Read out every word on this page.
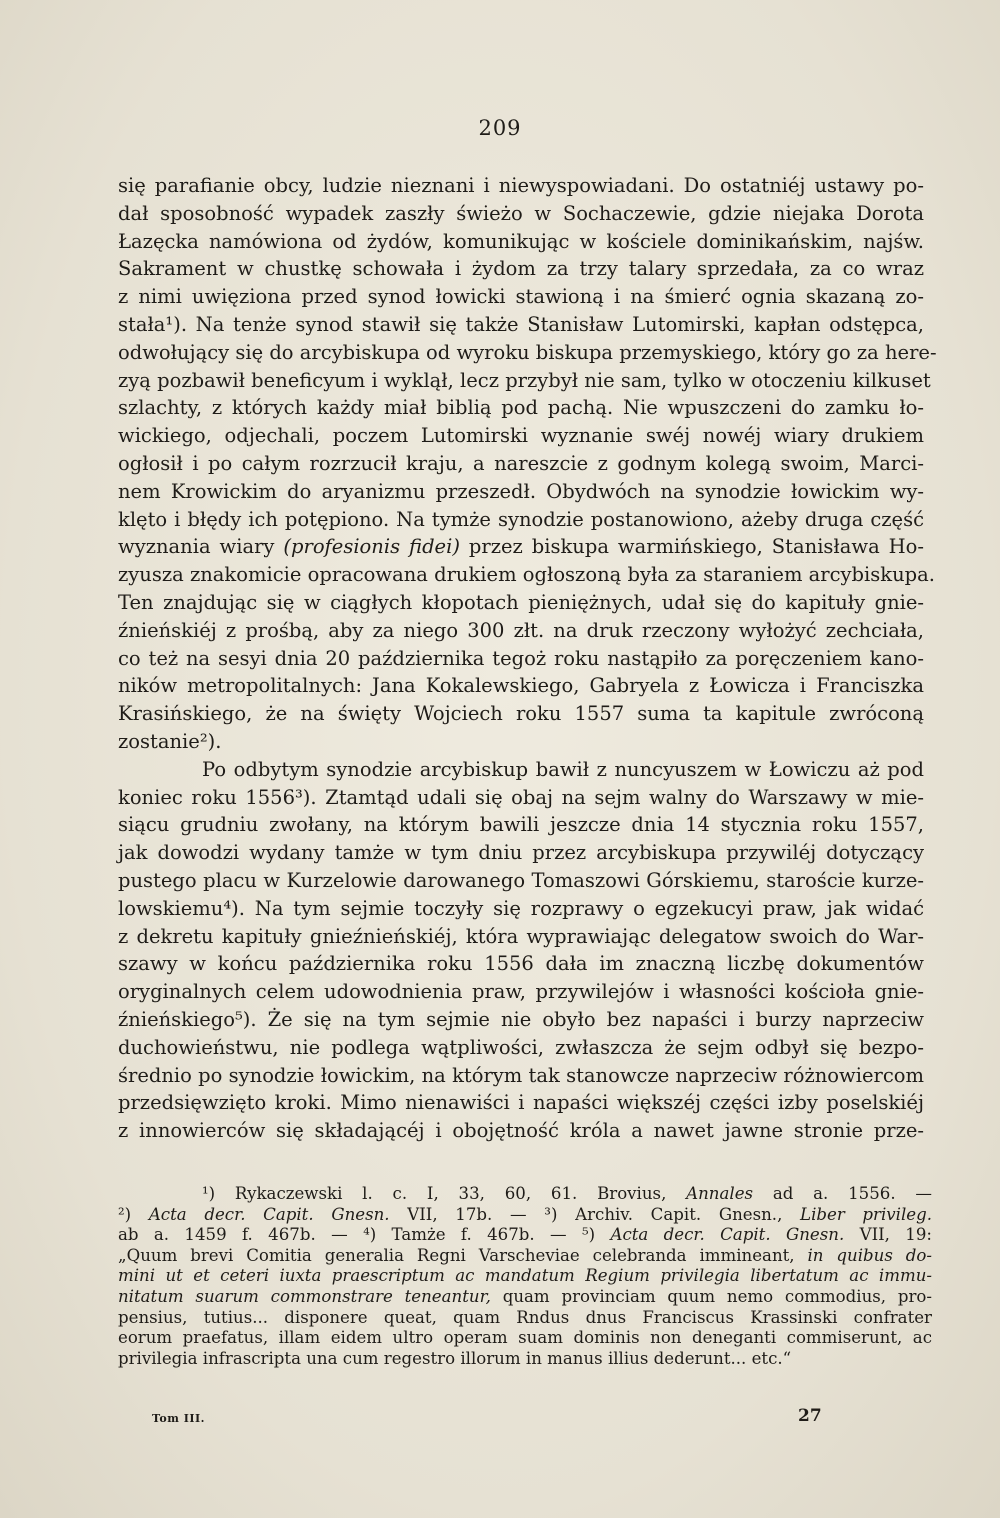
209
się parafianie obcy, ludzie nieznani i niewyspowiadani. Do ostatniéj ustawy po-
dał sposobność wypadek zaszły świeżo w Sochaczewie, gdzie niejaka Dorota
Łazęcka namówiona od żydów, komunikując w kościele dominikańskim, najśw.
Sakrament w chustkę schowała i żydom za trzy talary sprzedała, za co wraz
z nimi uwięziona przed synod łowicki stawioną i na śmierć ognia skazaną zo-
stała¹). Na tenże synod stawił się także Stanisław Lutomirski, kapłan odstępca,
odwołujący się do arcybiskupa od wyroku biskupa przemyskiego, który go za here-
zyą pozbawił beneficyum i wyklął, lecz przybył nie sam, tylko w otoczeniu kilkuset
szlachty, z których każdy miał biblią pod pachą. Nie wpuszczeni do zamku ło-
wickiego, odjechali, poczem Lutomirski wyznanie swéj nowéj wiary drukiem
ogłosił i po całym rozrzucił kraju, a nareszcie z godnym kolegą swoim, Marci-
nem Krowickim do aryanizmu przeszedł. Obydwóch na synodzie łowickim wy-
klęto i błędy ich potępiono. Na tymże synodzie postanowiono, ażeby druga część
wyznania wiary (profesionis fidei) przez biskupa warmińskiego, Stanisława Ho-
zyusza znakomicie opracowana drukiem ogłoszoną była za staraniem arcybiskupa.
Ten znajdując się w ciągłych kłopotach pieniężnych, udał się do kapituły gnie-
źnieńskiéj z prośbą, aby za niego 300 złt. na druk rzeczony wyłożyć zechciała,
co też na sesyi dnia 20 października tegoż roku nastąpiło za poręczeniem kano-
ników metropolitalnych: Jana Kokalewskiego, Gabryela z Łowicza i Franciszka
Krasińskiego, że na święty Wojciech roku 1557 suma ta kapitule zwróconą
zostanie²).
Po odbytym synodzie arcybiskup bawił z nuncyuszem w Łowiczu aż pod
koniec roku 1556³). Ztamtąd udali się obaj na sejm walny do Warszawy w mie-
siącu grudniu zwołany, na którym bawili jeszcze dnia 14 stycznia roku 1557,
jak dowodzi wydany tamże w tym dniu przez arcybiskupa przywiléj dotyczący
pustego placu w Kurzelowie darowanego Tomaszowi Górskiemu, staroście kurze-
lowskiemu⁴). Na tym sejmie toczyły się rozprawy o egzekucyi praw, jak widać
z dekretu kapituły gnieźnieńskiéj, która wyprawiając delegatow swoich do War-
szawy w końcu października roku 1556 dała im znaczną liczbę dokumentów
oryginalnych celem udowodnienia praw, przywilejów i własności kościoła gnie-
źnieńskiego⁵). Że się na tym sejmie nie obyło bez napaści i burzy naprzeciw
duchowieństwu, nie podlega wątpliwości, zwłaszcza że sejm odbył się bezpo-
średnio po synodzie łowickim, na którym tak stanowcze naprzeciw różnowiercom
przedsięwzięto kroki. Mimo nienawiści i napaści większéj części izby poselskiéj
z innowierców się składającéj i obojętność króla a nawet jawne stronie prze-
¹) Rykaczewski l. c. I, 33, 60, 61. Brovius, Annales ad a. 1556. —
²) Acta decr. Capit. Gnesn. VII, 17b. — ³) Archiv. Capit. Gnesn., Liber privileg.
ab a. 1459 f. 467b. — ⁴) Tamże f. 467b. — ⁵) Acta decr. Capit. Gnesn. VII, 19:
„Quum brevi Comitia generalia Regni Varscheviae celebranda immineant, in quibus do-
mini ut et ceteri iuxta praescriptum ac mandatum Regium privilegia libertatum ac immu-
nitatum suarum commonstrare teneantur, quam provinciam quum nemo commodius, pro-
pensius, tutius... disponere queat, quam Rndus dnus Franciscus Krassinski confrater
eorum praefatus, illam eidem ultro operam suam dominis non deneganti commiserunt, ac
privilegia infrascripta una cum regestro illorum in manus illius dederunt... etc.“
Tom III.	27
